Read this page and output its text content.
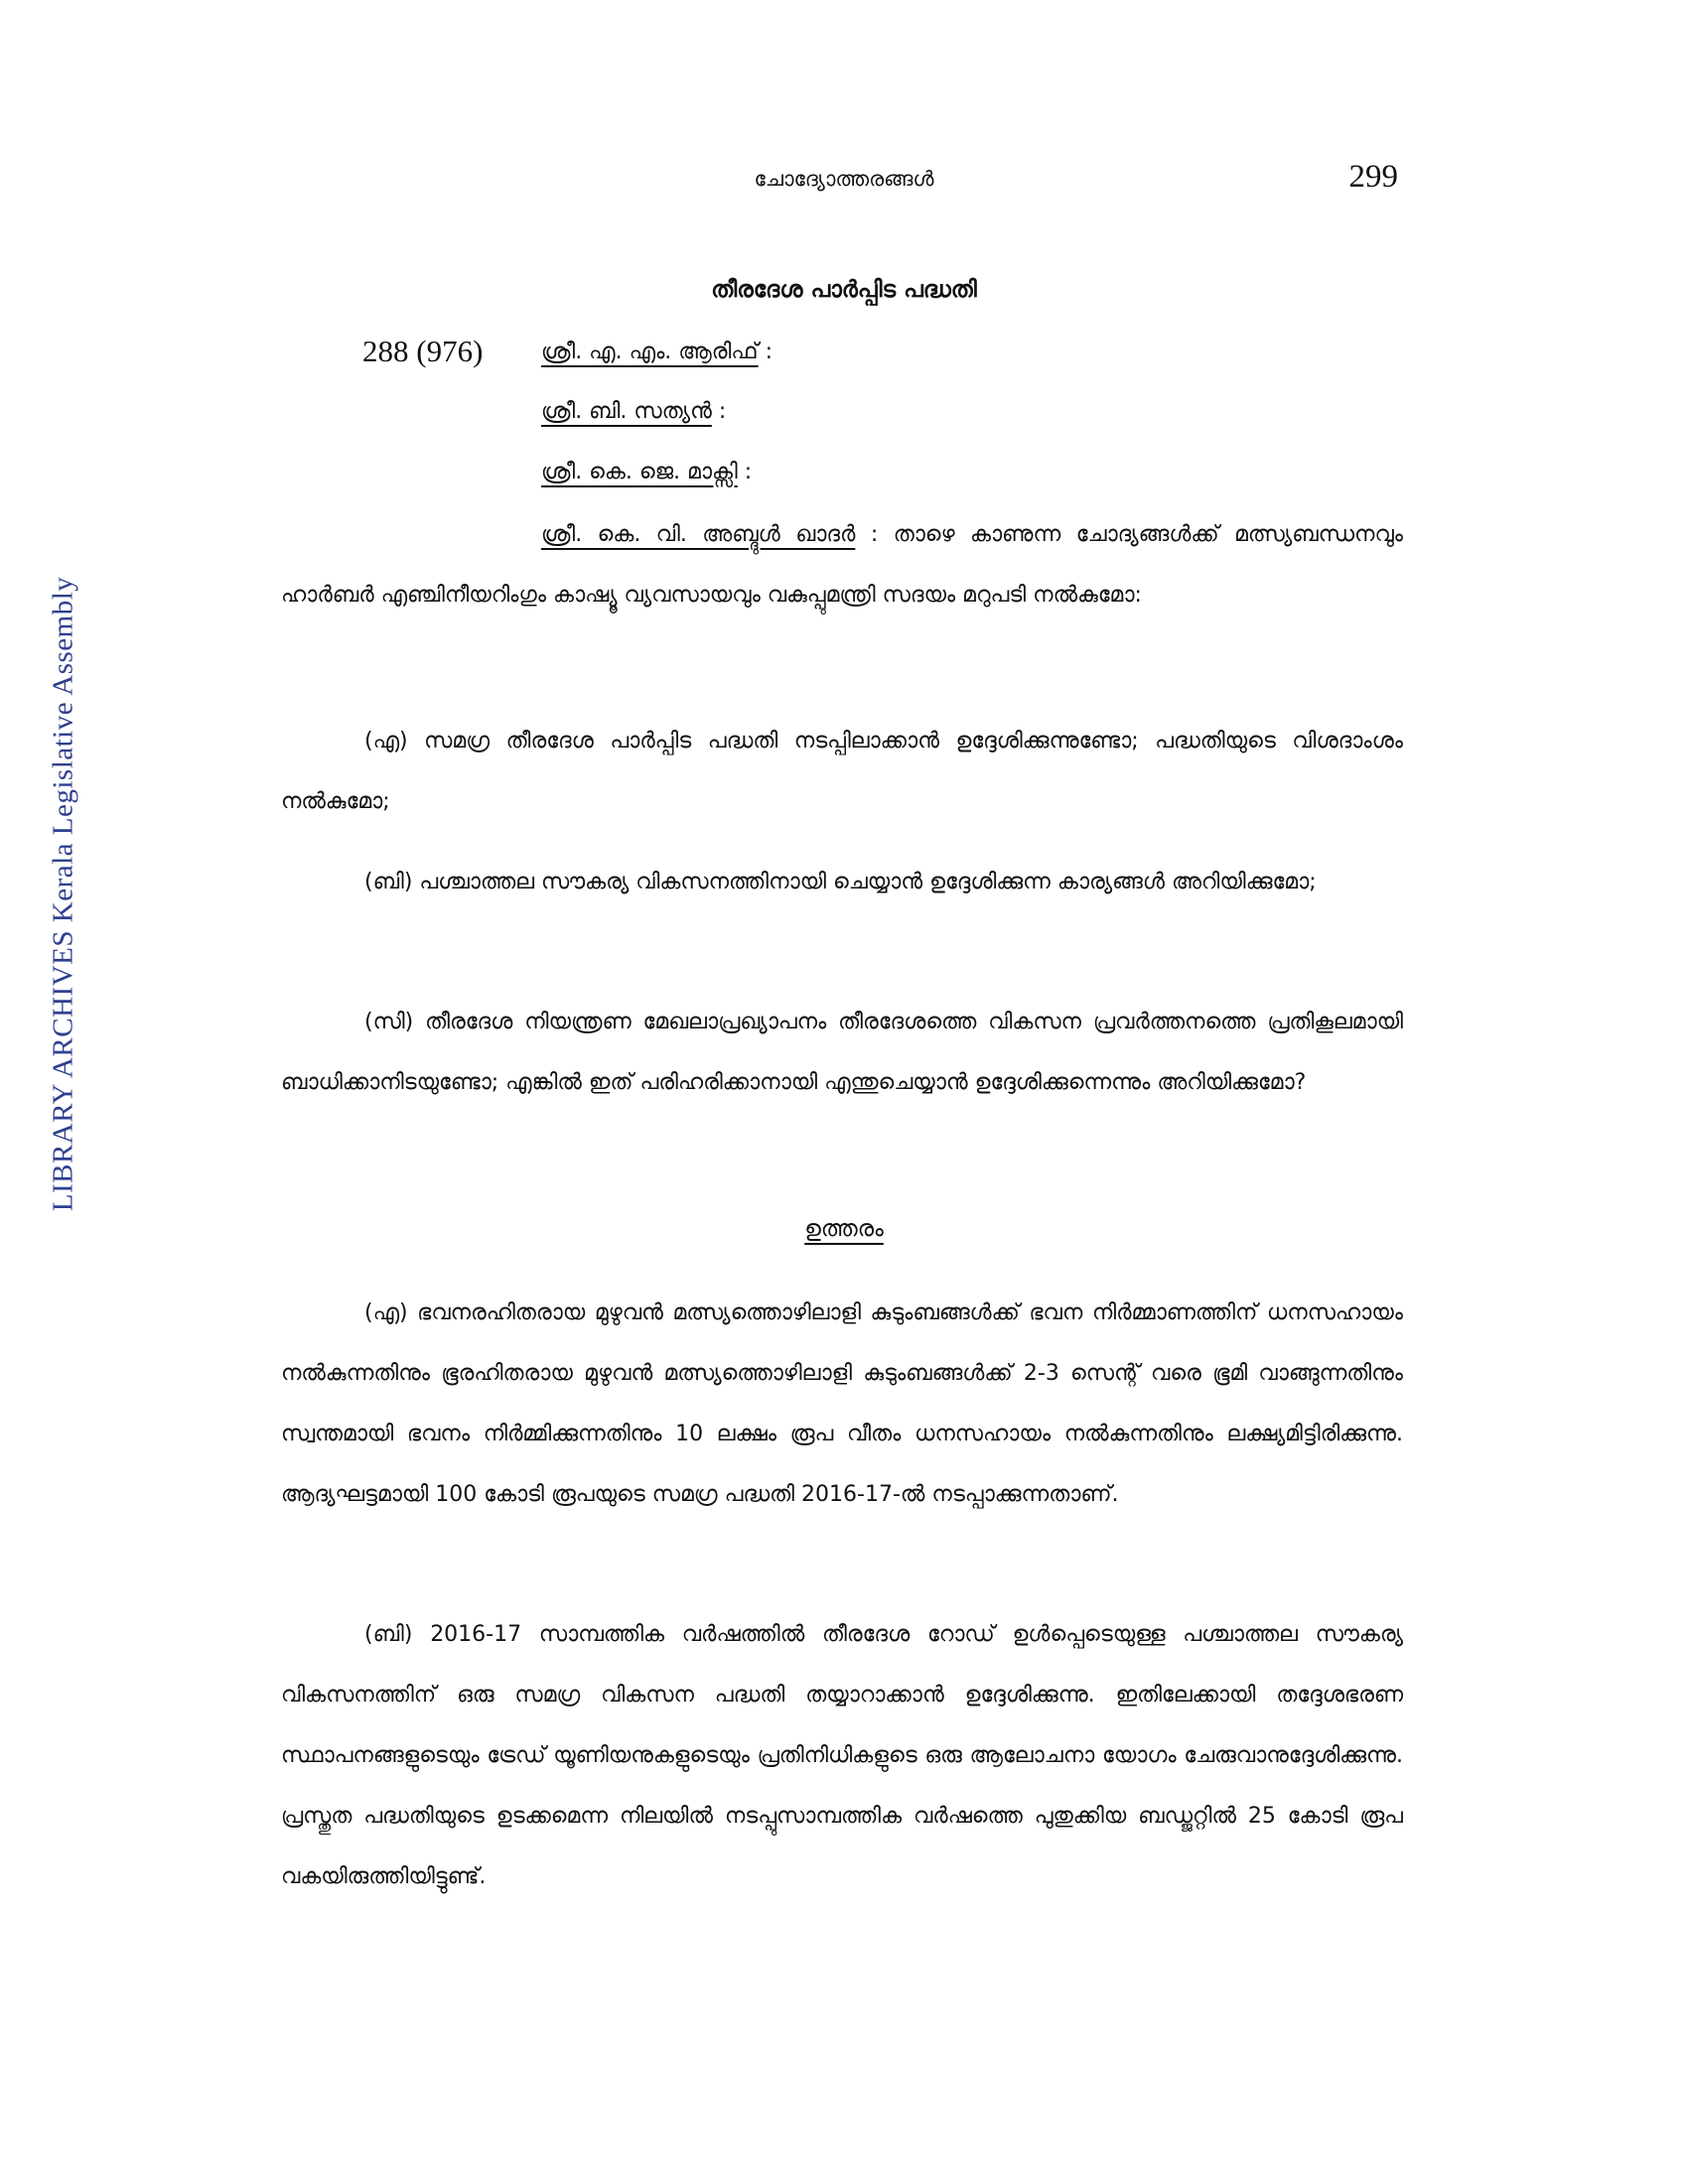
LIBRARY ARCHIVES Kerala Legislative Assembly
ചോദ്യോത്തരങ്ങൾ	299
തീരദേശ പാർപ്പിട പദ്ധതി
288 (976)	ശ്രീ. എ. എം. ആരിഫ് :
ശ്രീ. ബി. സത്യൻ :
ശ്രീ. കെ. ജെ. മാക്സി :
ശ്രീ. കെ. വി. അബ്ദുൾ ഖാദർ : താഴെ കാണുന്ന ചോദ്യങ്ങൾക്ക് മത്സ്യബന്ധനവും ഹാർബർ എഞ്ചിനീയറിംഗും കാഷ്യൂ വ്യവസായവും വകുപ്പുമന്ത്രി സദയം മറുപടി നൽകുമോ:
(എ) സമഗ്ര തീരദേശ പാർപ്പിട പദ്ധതി നടപ്പിലാക്കാൻ ഉദ്ദേശിക്കുന്നുണ്ടോ; പദ്ധതിയുടെ വിശദാംശം നൽകുമോ;
(ബി) പശ്ചാത്തല സൗകര്യ വികസനത്തിനായി ചെയ്യാൻ ഉദ്ദേശിക്കുന്ന കാര്യങ്ങൾ അറിയിക്കുമോ;
(സി) തീരദേശ നിയന്ത്രണ മേഖലാപ്രഖ്യാപനം തീരദേശത്തെ വികസന പ്രവർത്തനത്തെ പ്രതികൂലമായി ബാധിക്കാനിടയുണ്ടോ; എങ്കിൽ ഇത് പരിഹരിക്കാനായി എന്തുചെയ്യാൻ ഉദ്ദേശിക്കുന്നെന്നും അറിയിക്കുമോ?
ഉത്തരം
(എ) ഭവനരഹിതരായ മുഴുവൻ മത്സ്യത്തൊഴിലാളി കുടുംബങ്ങൾക്ക് ഭവന നിർമ്മാണത്തിന് ധനസഹായം നൽകുന്നതിനും ഭൂരഹിതരായ മുഴുവൻ മത്സ്യത്തൊഴിലാളി കുടുംബങ്ങൾക്ക് 2-3 സെന്റ് വരെ ഭൂമി വാങ്ങുന്നതിനും സ്വന്തമായി ഭവനം നിർമ്മിക്കുന്നതിനും 10 ലക്ഷം രൂപ വീതം ധനസഹായം നൽകുന്നതിനും ലക്ഷ്യമിട്ടിരിക്കുന്നു. ആദ്യഘട്ടമായി 100 കോടി രൂപയുടെ സമഗ്ര പദ്ധതി 2016-17-ൽ നടപ്പാക്കുന്നതാണ്.
(ബി) 2016-17 സാമ്പത്തിക വർഷത്തിൽ തീരദേശ റോഡ് ഉൾപ്പെടെയുള്ള പശ്ചാത്തല സൗകര്യ വികസനത്തിന് ഒരു സമഗ്ര വികസന പദ്ധതി തയ്യാറാക്കാൻ ഉദ്ദേശിക്കുന്നു. ഇതിലേക്കായി തദ്ദേശഭരണ സ്ഥാപനങ്ങളുടെയും ട്രേഡ് യൂണിയനുകളുടെയും പ്രതിനിധികളുടെ ഒരു ആലോചനാ യോഗം ചേരുവാനുദ്ദേശിക്കുന്നു. പ്രസ്തുത പദ്ധതിയുടെ ഉടക്കമെന്ന നിലയിൽ നടപ്പുസാമ്പത്തിക വർഷത്തെ പുതുക്കിയ ബഡ്ജറ്റിൽ 25 കോടി രൂപ വകയിരുത്തിയിട്ടുണ്ട്.
